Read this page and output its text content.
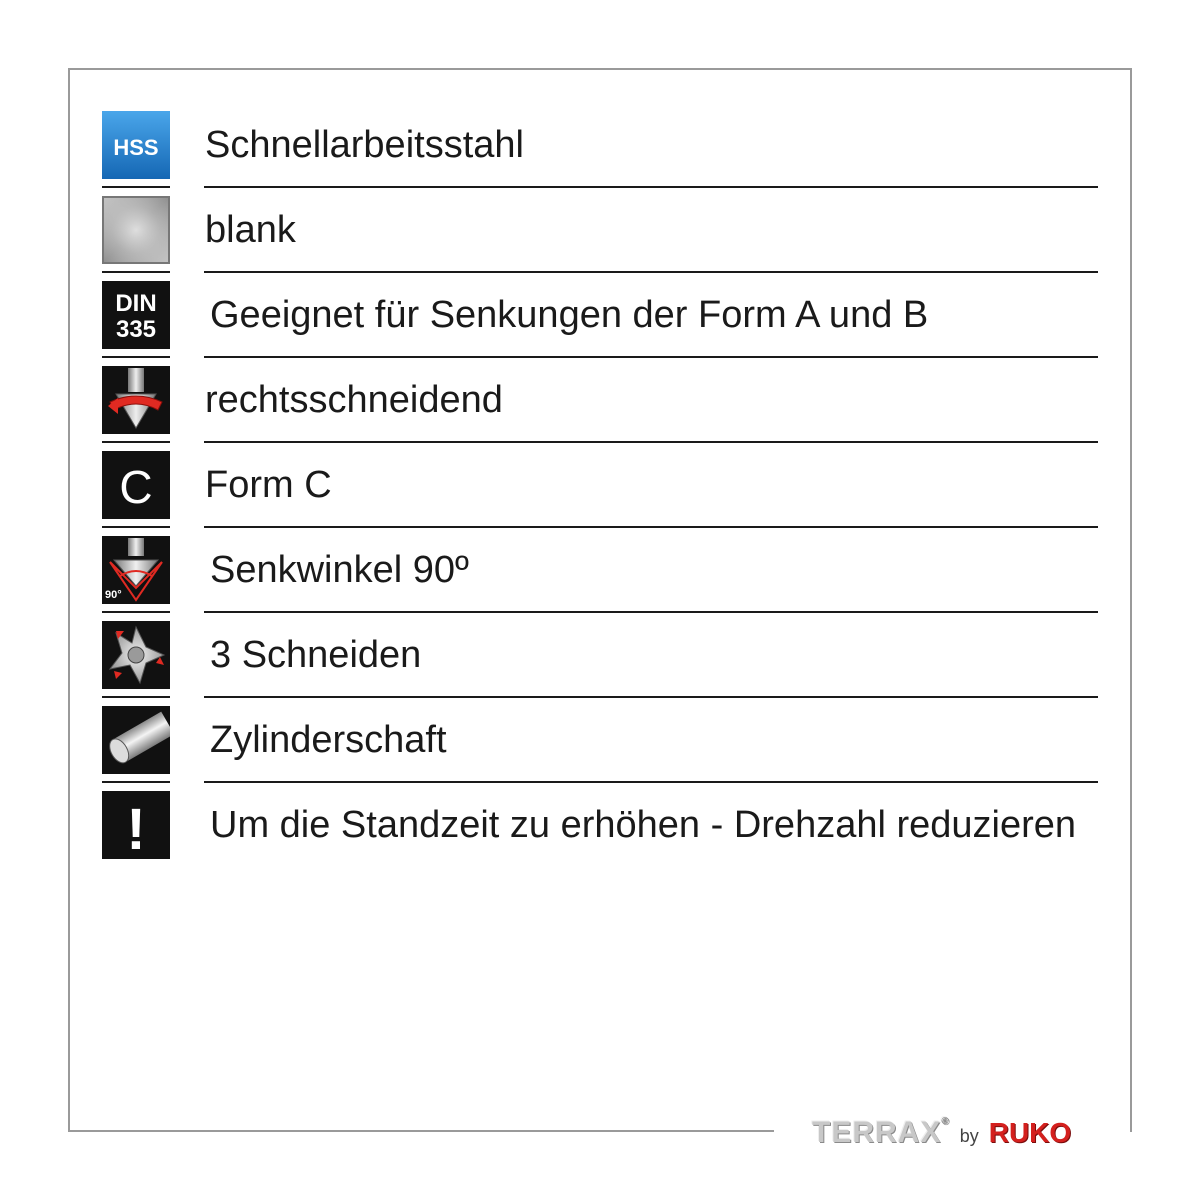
HSS Schnellarbeitsstahl
blank
DIN
335 Geeignet für Senkungen der Form A und B
rechtsschneidend
C Form C
90°
Senkwinkel 90º
3 Schneiden
Zylinderschaft
! Um die Standzeit zu erhöhen - Drehzahl reduzieren
TERRAX®
by RUKO
